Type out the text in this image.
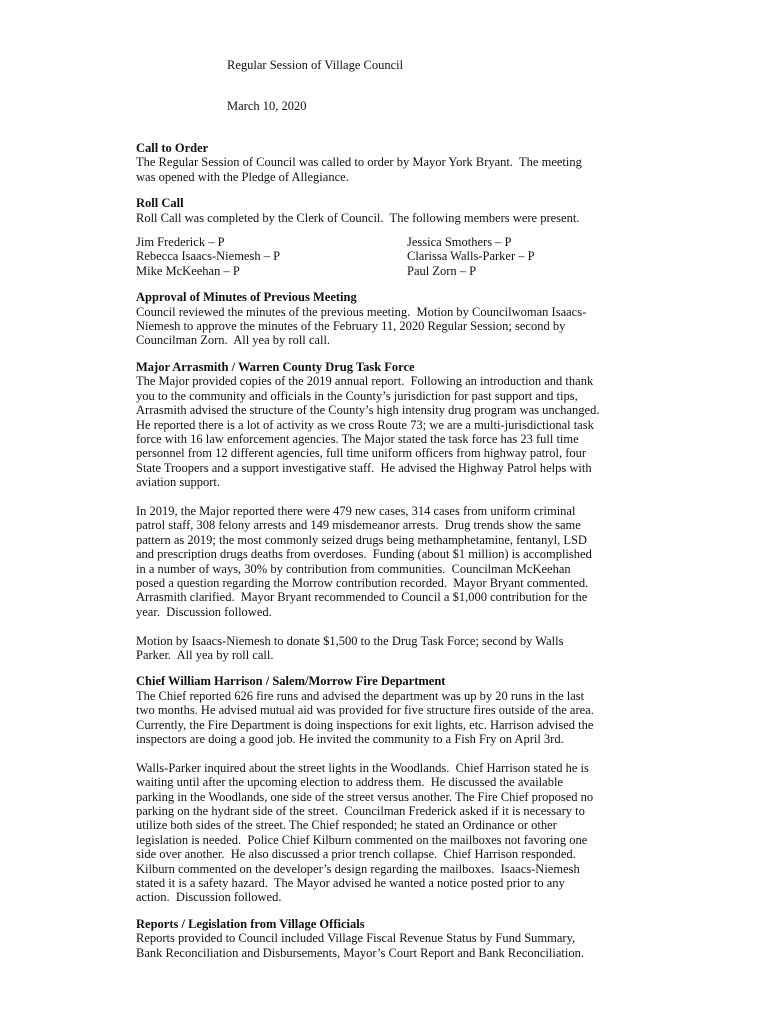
Regular Session of Village Council
March 10, 2020
Call to Order
The Regular Session of Council was called to order by Mayor York Bryant.  The meeting
was opened with the Pledge of Allegiance.
Roll Call
Roll Call was completed by the Clerk of Council.  The following members were present.
Jim Frederick – P
Rebecca Isaacs-Niemesh – P
Mike McKeehan – P
Jessica Smothers – P
Clarissa Walls-Parker – P
Paul Zorn – P
Approval of Minutes of Previous Meeting
Council reviewed the minutes of the previous meeting.  Motion by Councilwoman Isaacs-
Niemesh to approve the minutes of the February 11, 2020 Regular Session; second by
Councilman Zorn.  All yea by roll call.
Major Arrasmith / Warren County Drug Task Force
The Major provided copies of the 2019 annual report.  Following an introduction and thank
you to the community and officials in the County’s jurisdiction for past support and tips,
Arrasmith advised the structure of the County’s high intensity drug program was unchanged.
He reported there is a lot of activity as we cross Route 73; we are a multi-jurisdictional task
force with 16 law enforcement agencies. The Major stated the task force has 23 full time
personnel from 12 different agencies, full time uniform officers from highway patrol, four
State Troopers and a support investigative staff.  He advised the Highway Patrol helps with
aviation support.
In 2019, the Major reported there were 479 new cases, 314 cases from uniform criminal
patrol staff, 308 felony arrests and 149 misdemeanor arrests.  Drug trends show the same
pattern as 2019; the most commonly seized drugs being methamphetamine, fentanyl, LSD
and prescription drugs deaths from overdoses.  Funding (about $1 million) is accomplished
in a number of ways, 30% by contribution from communities.  Councilman McKeehan
posed a question regarding the Morrow contribution recorded.  Mayor Bryant commented.
Arrasmith clarified.  Mayor Bryant recommended to Council a $1,000 contribution for the
year.  Discussion followed.
Motion by Isaacs-Niemesh to donate $1,500 to the Drug Task Force; second by Walls
Parker.  All yea by roll call.
Chief William Harrison / Salem/Morrow Fire Department
The Chief reported 626 fire runs and advised the department was up by 20 runs in the last
two months. He advised mutual aid was provided for five structure fires outside of the area.
Currently, the Fire Department is doing inspections for exit lights, etc. Harrison advised the
inspectors are doing a good job. He invited the community to a Fish Fry on April 3rd.
Walls-Parker inquired about the street lights in the Woodlands.  Chief Harrison stated he is
waiting until after the upcoming election to address them.  He discussed the available
parking in the Woodlands, one side of the street versus another. The Fire Chief proposed no
parking on the hydrant side of the street.  Councilman Frederick asked if it is necessary to
utilize both sides of the street. The Chief responded; he stated an Ordinance or other
legislation is needed.  Police Chief Kilburn commented on the mailboxes not favoring one
side over another.  He also discussed a prior trench collapse.  Chief Harrison responded.
Kilburn commented on the developer’s design regarding the mailboxes.  Isaacs-Niemesh
stated it is a safety hazard.  The Mayor advised he wanted a notice posted prior to any
action.  Discussion followed.
Reports / Legislation from Village Officials
Reports provided to Council included Village Fiscal Revenue Status by Fund Summary,
Bank Reconciliation and Disbursements, Mayor’s Court Report and Bank Reconciliation.
